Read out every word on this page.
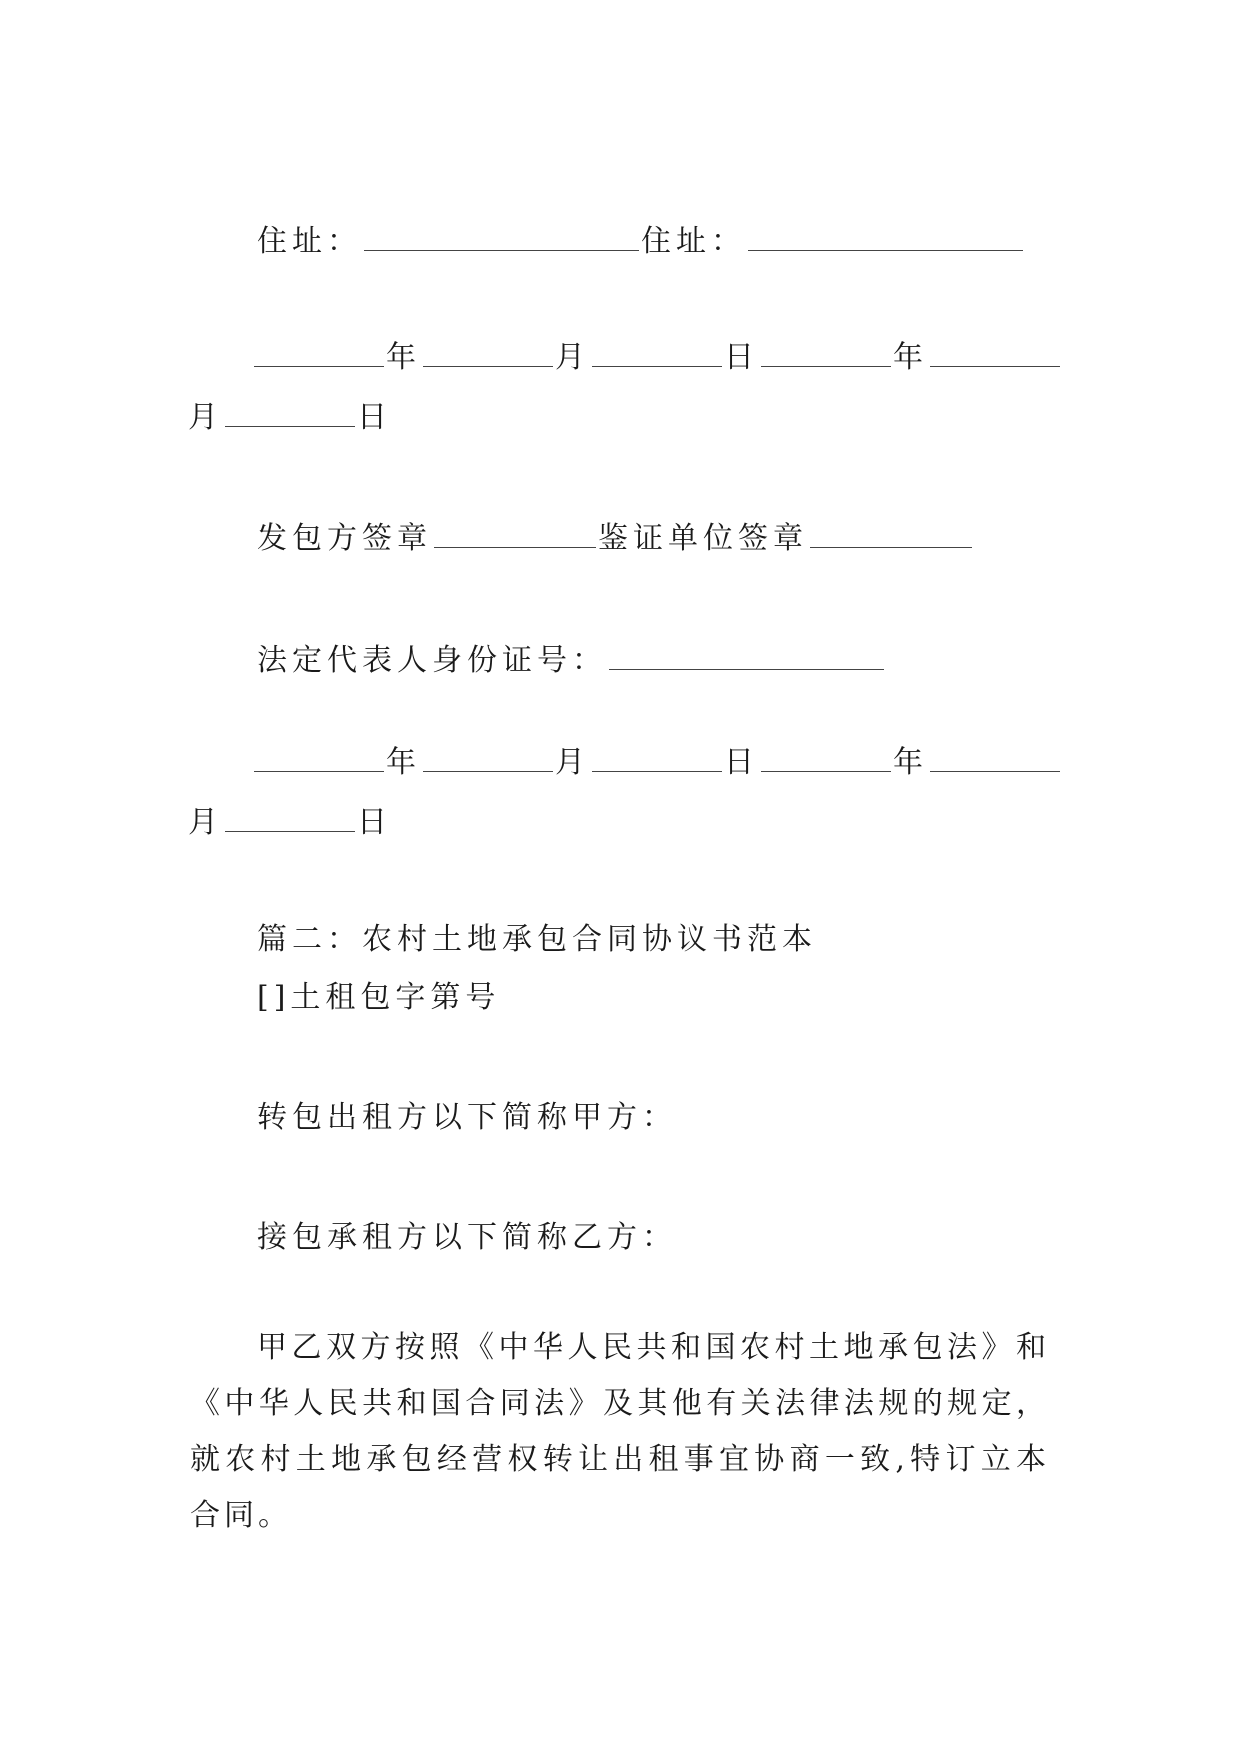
住址：	住址：
年	月	日	年
月	日
发包方签章	鉴证单位签章
法定代表人身份证号：
年	月	日	年
月	日
篇二：农村土地承包合同协议书范本
[]土租包字第号
转包出租方以下简称甲方：
接包承租方以下简称乙方：
甲乙双方按照《中华人民共和国农村土地承包法》和《中华人民共和国合同法》及其他有关法律法规的规定，就农村土地承包经营权转让出租事宜协商一致,特订立本合同。
